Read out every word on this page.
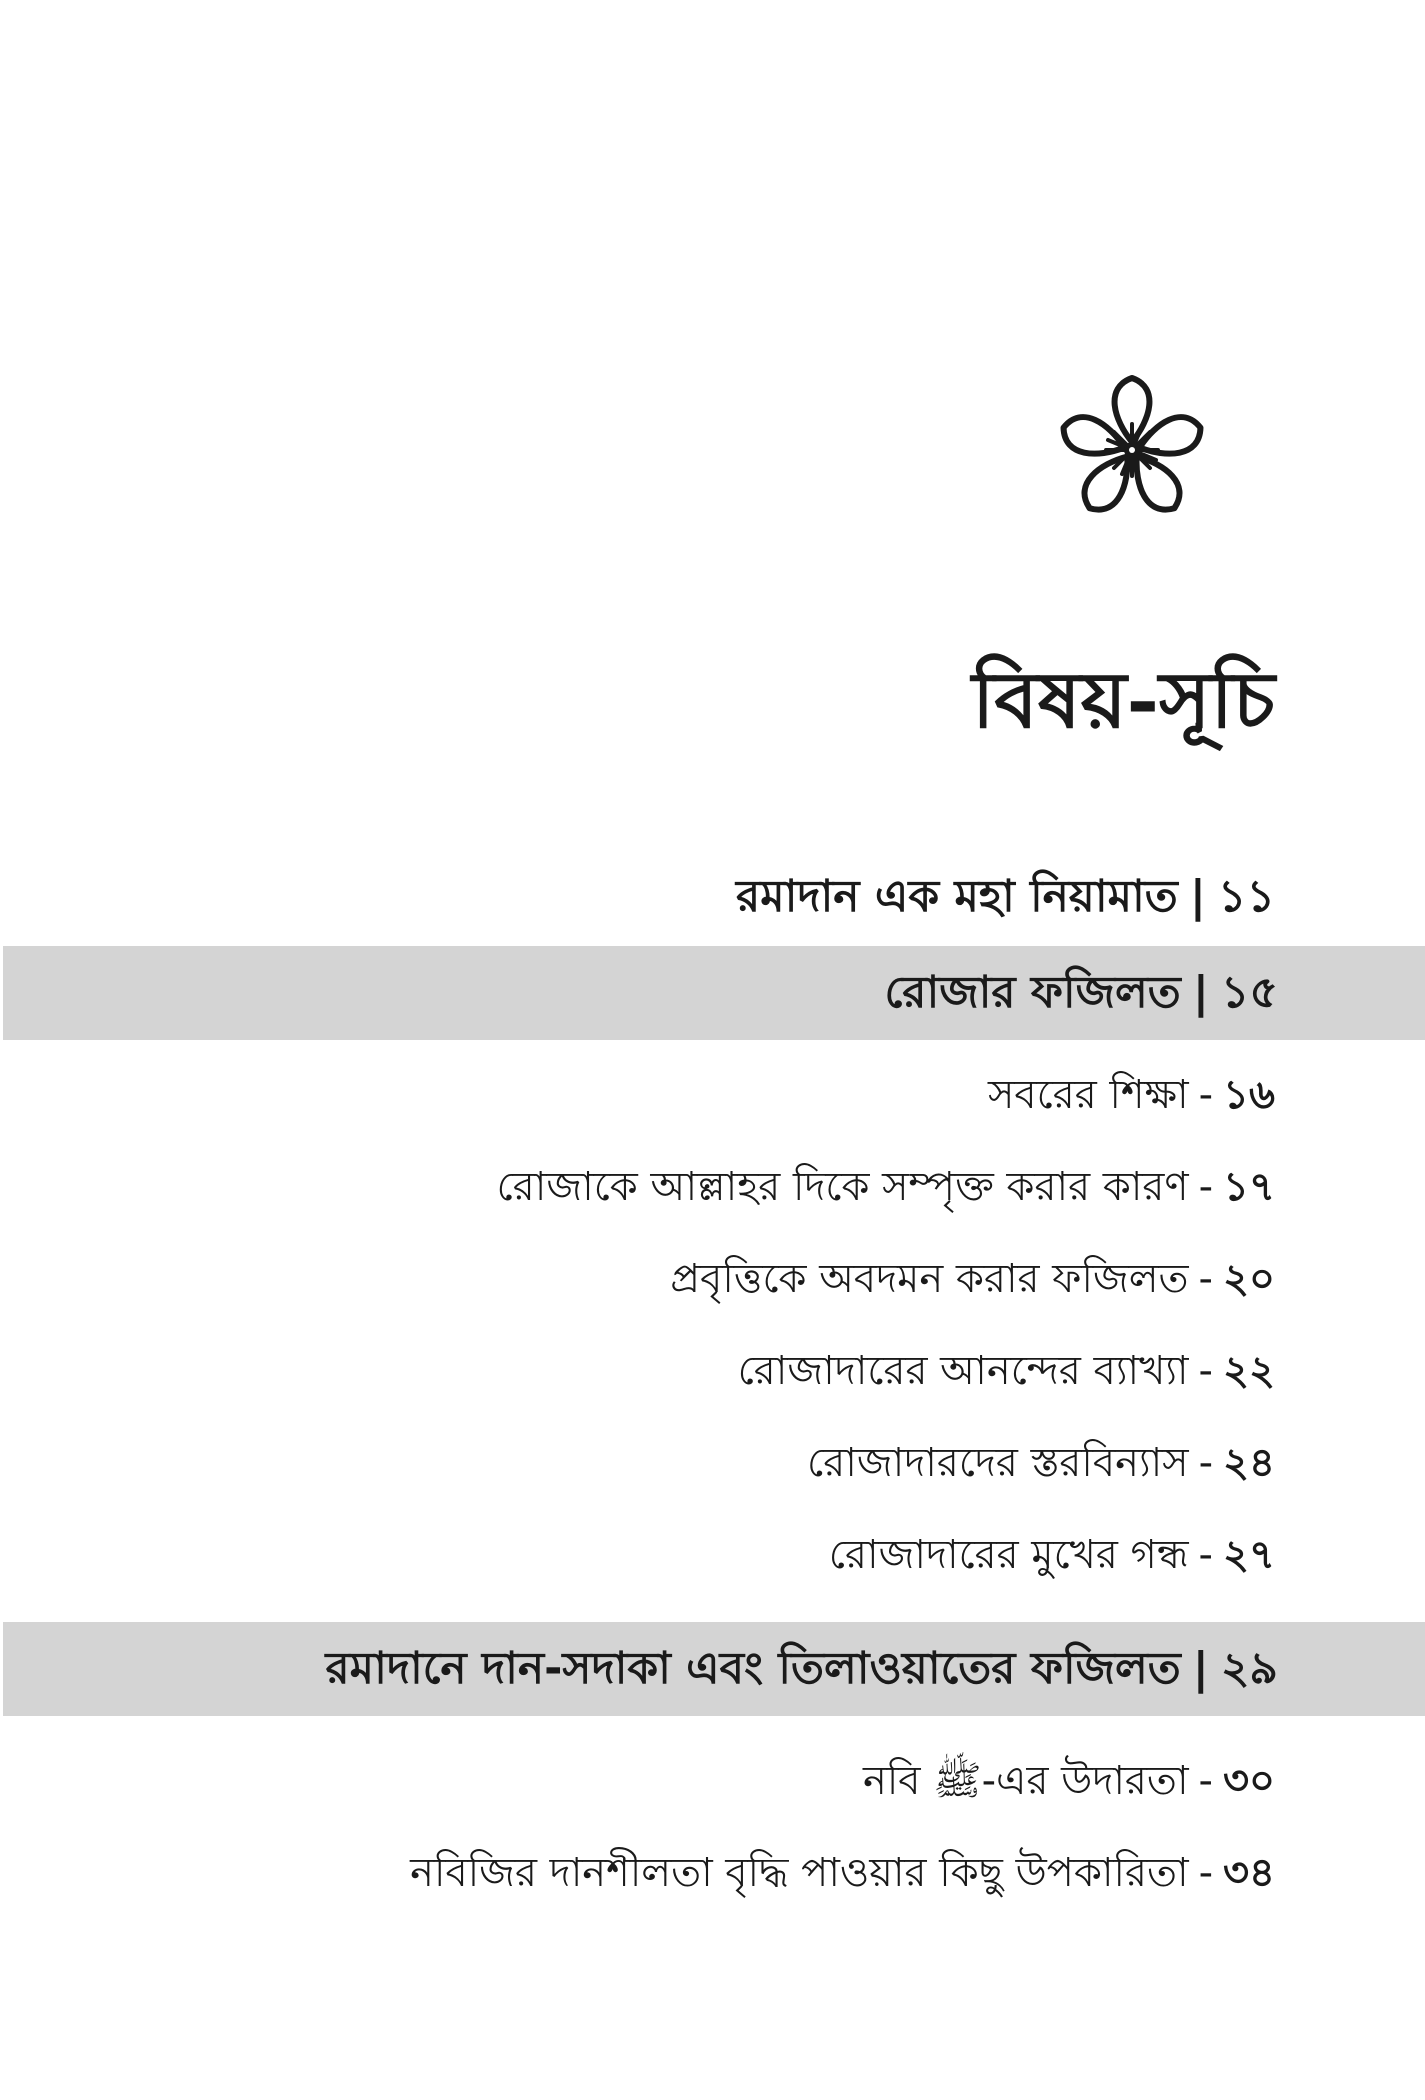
বিষয়-সূচি
রমাদান এক মহা নিয়ামাত | ১১
রোজার ফজিলত | ১৫
সবরের শিক্ষা - ১৬
রোজাকে আল্লাহর দিকে সম্পৃক্ত করার কারণ - ১৭
প্রবৃত্তিকে অবদমন করার ফজিলত - ২০
রোজাদারের আনন্দের ব্যাখ্যা - ২২
রোজাদারদের স্তরবিন্যাস - ২৪
রোজাদারের মুখের গন্ধ - ২৭
রমাদানে দান-সদাকা এবং তিলাওয়াতের ফজিলত | ২৯
নবি ﷺ-এর উদারতা - ৩০
নবিজির দানশীলতা বৃদ্ধি পাওয়ার কিছু উপকারিতা - ৩৪
